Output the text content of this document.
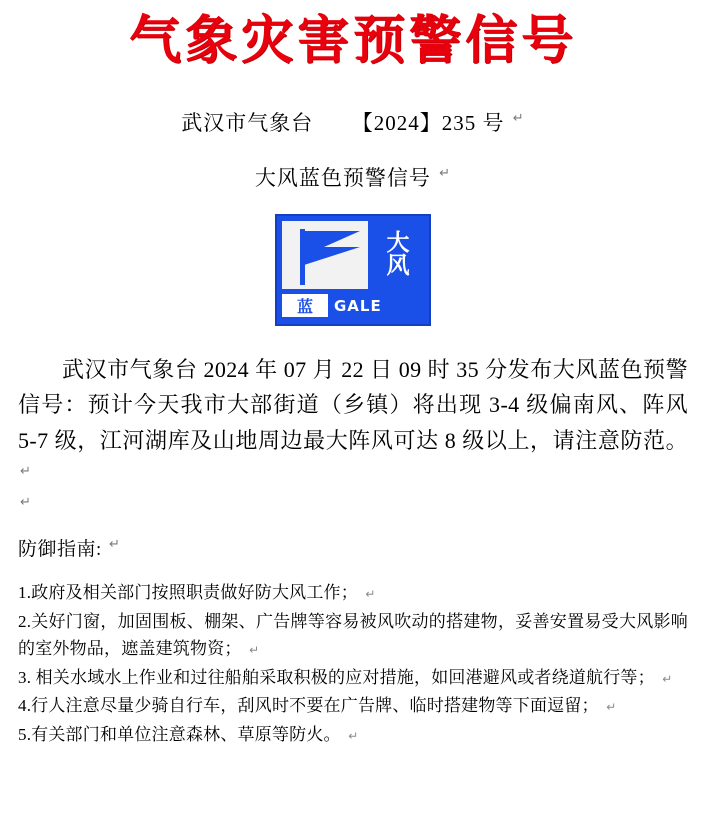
气象灾害预警信号
武汉市气象台 【2024】235 号 ↵
大风蓝色预警信号 ↵
大
风
蓝	GALE
武汉市气象台 2024 年 07 月 22 日 09 时 35 分发布大风蓝色预警信号：预计今天我市大部街道（乡镇）将出现 3-4 级偏南风、阵风 5-7 级，江河湖库及山地周边最大阵风可达 8 级以上，请注意防范。 ↵
↵
防御指南: ↵
1.政府及相关部门按照职责做好防大风工作； ↵
2.关好门窗，加固围板、棚架、广告牌等容易被风吹动的搭建物，妥善安置易受大风影响的室外物品，遮盖建筑物资； ↵
3. 相关水域水上作业和过往船舶采取积极的应对措施，如回港避风或者绕道航行等； ↵
4.行人注意尽量少骑自行车，刮风时不要在广告牌、临时搭建物等下面逗留； ↵
5.有关部门和单位注意森林、草原等防火。 ↵
